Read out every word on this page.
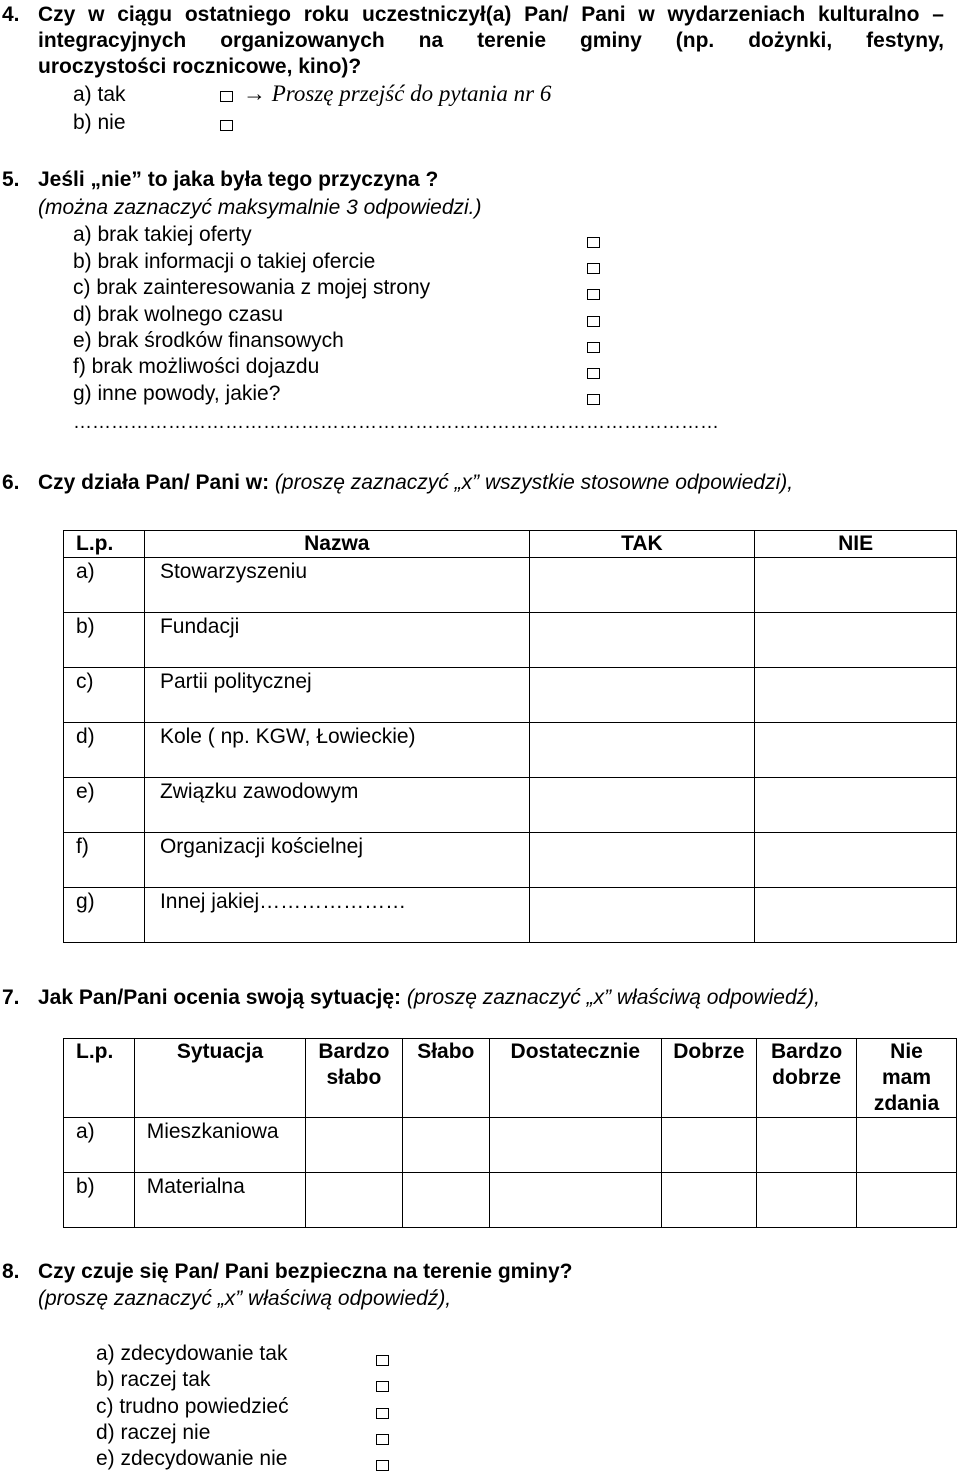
4. Czy w ciągu ostatniego roku uczestniczył(a) Pan/ Pani w wydarzeniach kulturalno –
integracyjnych organizowanych na terenie gminy (np. dożynki, festyny,
uroczystości rocznicowe, kino)?
a) tak	→ Proszę przejść do pytania nr 6
b) nie
5. Jeśli „nie” to jaka była tego przyczyna ?
(można zaznaczyć maksymalnie 3 odpowiedzi.)
a) brak takiej oferty
b) brak informacji o takiej ofercie
c) brak zainteresowania z mojej strony
d) brak wolnego czasu
e) brak środków finansowych
f) brak możliwości dojazdu
g) inne powody, jakie?
…………………………………………………………………………………………
6. Czy działa Pan/ Pani w: (proszę zaznaczyć „x” wszystkie stosowne odpowiedzi),
L.p.	Nazwa	TAK	NIE
a)	Stowarzyszeniu		
b)	Fundacji		
c)	Partii politycznej		
d)	Kole ( np. KGW, Łowieckie)		
e)	Związku zawodowym		
f)	Organizacji kościelnej		
g)	Innej jakiej…………………		
7. Jak Pan/Pani ocenia swoją sytuację: (proszę zaznaczyć „x” właściwą odpowiedź),
L.p.	Sytuacja	Bardzo słabo	Słabo	Dostatecznie	Dobrze	Bardzo dobrze	Nie mam zdania
a)	Mieszkaniowa						
b)	Materialna						
8. Czy czuje się Pan/ Pani bezpieczna na terenie gminy?
(proszę zaznaczyć „x” właściwą odpowiedź),
a) zdecydowanie tak
b) raczej tak
c) trudno powiedzieć
d) raczej nie
e) zdecydowanie nie
